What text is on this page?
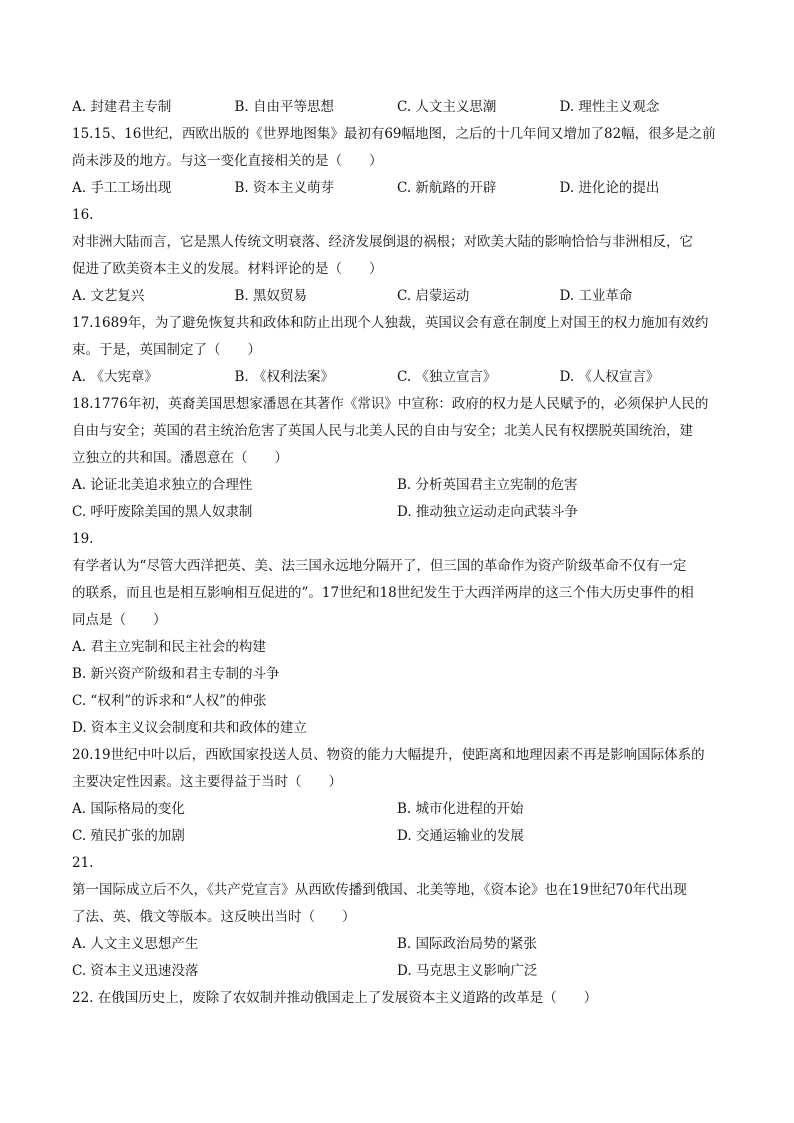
A. 封建君主专制	B. 自由平等思想	C. 人文主义思潮	D. 理性主义观念
15.15、16世纪，西欧出版的《世界地图集》最初有69幅地图，之后的十几年间又增加了82幅，很多是之前
尚未涉及的地方。与这一变化直接相关的是（　　）
A. 手工工场出现	B. 资本主义萌芽	C. 新航路的开辟	D. 进化论的提出
16.
对非洲大陆而言，它是黑人传统文明衰落、经济发展倒退的祸根；对欧美大陆的影响恰恰与非洲相反，它
促进了欧美资本主义的发展。材料评论的是（　　）
A. 文艺复兴	B. 黑奴贸易	C. 启蒙运动	D. 工业革命
17.1689年，为了避免恢复共和政体和防止出现个人独裁，英国议会有意在制度上对国王的权力施加有效约
束。于是，英国制定了（　　）
A. 《大宪章》	B. 《权利法案》	C. 《独立宣言》	D. 《人权宣言》
18.1776年初，英裔美国思想家潘恩在其著作《常识》中宣称：政府的权力是人民赋予的，必须保护人民的
自由与安全；英国的君主统治危害了英国人民与北美人民的自由与安全；北美人民有权摆脱英国统治，建
立独立的共和国。潘恩意在（　　）
A. 论证北美追求独立的合理性	B. 分析英国君主立宪制的危害
C. 呼吁废除美国的黑人奴隶制	D. 推动独立运动走向武装斗争
19.
有学者认为“尽管大西洋把英、美、法三国永远地分隔开了，但三国的革命作为资产阶级革命不仅有一定
的联系，而且也是相互影响相互促进的”。17世纪和18世纪发生于大西洋两岸的这三个伟大历史事件的相
同点是（　　）
A. 君主立宪制和民主社会的构建
B. 新兴资产阶级和君主专制的斗争
C. “权利”的诉求和“人权”的伸张
D. 资本主义议会制度和共和政体的建立
20.19世纪中叶以后，西欧国家投送人员、物资的能力大幅提升，使距离和地理因素不再是影响国际体系的
主要决定性因素。这主要得益于当时（　　）
A. 国际格局的变化	B. 城市化进程的开始
C. 殖民扩张的加剧	D. 交通运输业的发展
21.
第一国际成立后不久，《共产党宣言》从西欧传播到俄国、北美等地，《资本论》也在19世纪70年代出现
了法、英、俄文等版本。这反映出当时（　　）
A. 人文主义思想产生	B. 国际政治局势的紧张
C. 资本主义迅速没落	D. 马克思主义影响广泛
22. 在俄国历史上，废除了农奴制并推动俄国走上了发展资本主义道路的改革是（　　）
